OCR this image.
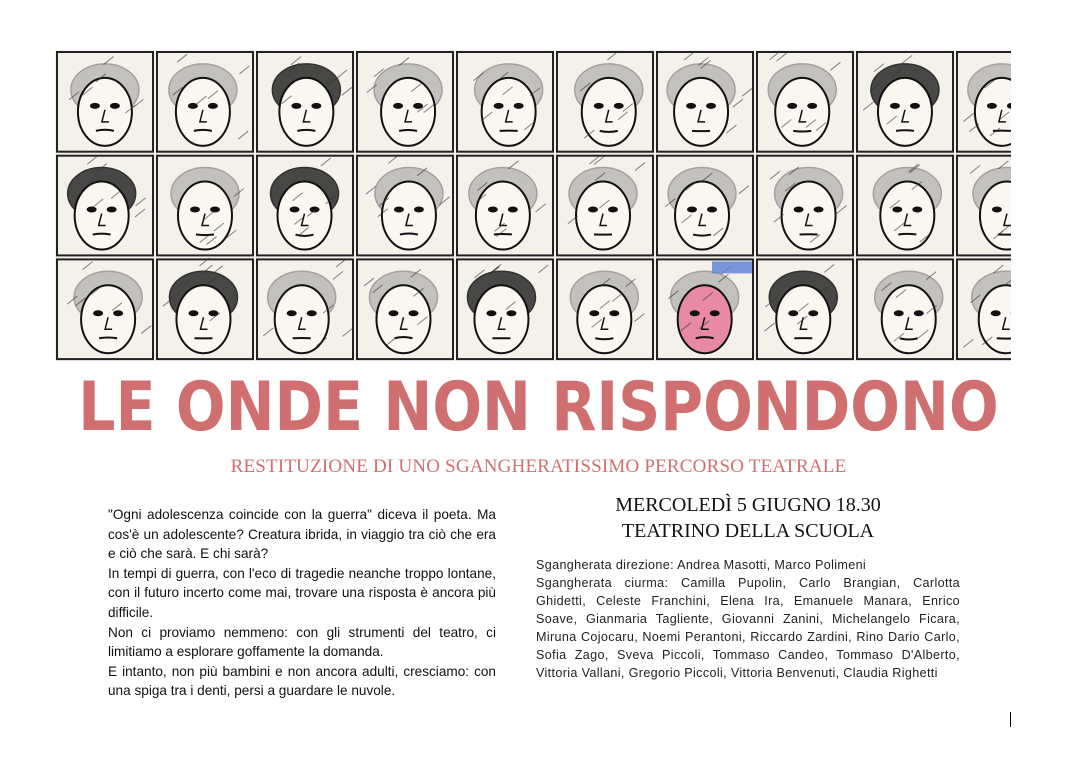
LE ONDE NON RISPONDONO
RESTITUZIONE DI UNO SGANGHERATISSIMO PERCORSO TEATRALE

"Ogni adolescenza coincide con la guerra" diceva il poeta. Ma cos'è un adolescente? Creatura ibrida, in viaggio tra ciò che era e ciò che sarà. E chi sarà?

In tempi di guerra, con l'eco di tragedie neanche troppo lontane, con il futuro incerto come mai, trovare una risposta è ancora più difficile.

Non ci proviamo nemmeno: con gli strumenti del teatro, ci limitiamo a esplorare goffamente la domanda.

E intanto, non più bambini e non ancora adulti, cresciamo: con una spiga tra i denti, persi a guardare le nuvole.

MERCOLEDÌ 5 GIUGNO 18.30
TEATRINO DELLA SCUOLA

Sgangherata direzione: Andrea Masotti, Marco Polimeni

Sgangherata ciurma: Camilla Pupolin, Carlo Brangian, Carlotta Ghidetti, Celeste Franchini, Elena Ira, Emanuele Manara, Enrico Soave, Gianmaria Tagliente, Giovanni Zanini, Michelangelo Ficara, Miruna Cojocaru, Noemi Perantoni, Riccardo Zardini, Rino Dario Carlo, Sofia Zago, Sveva Piccoli, Tommaso Candeo, Tommaso D'Alberto, Vittoria Vallani, Gregorio Piccoli, Vittoria Benvenuti, Claudia Righetti
